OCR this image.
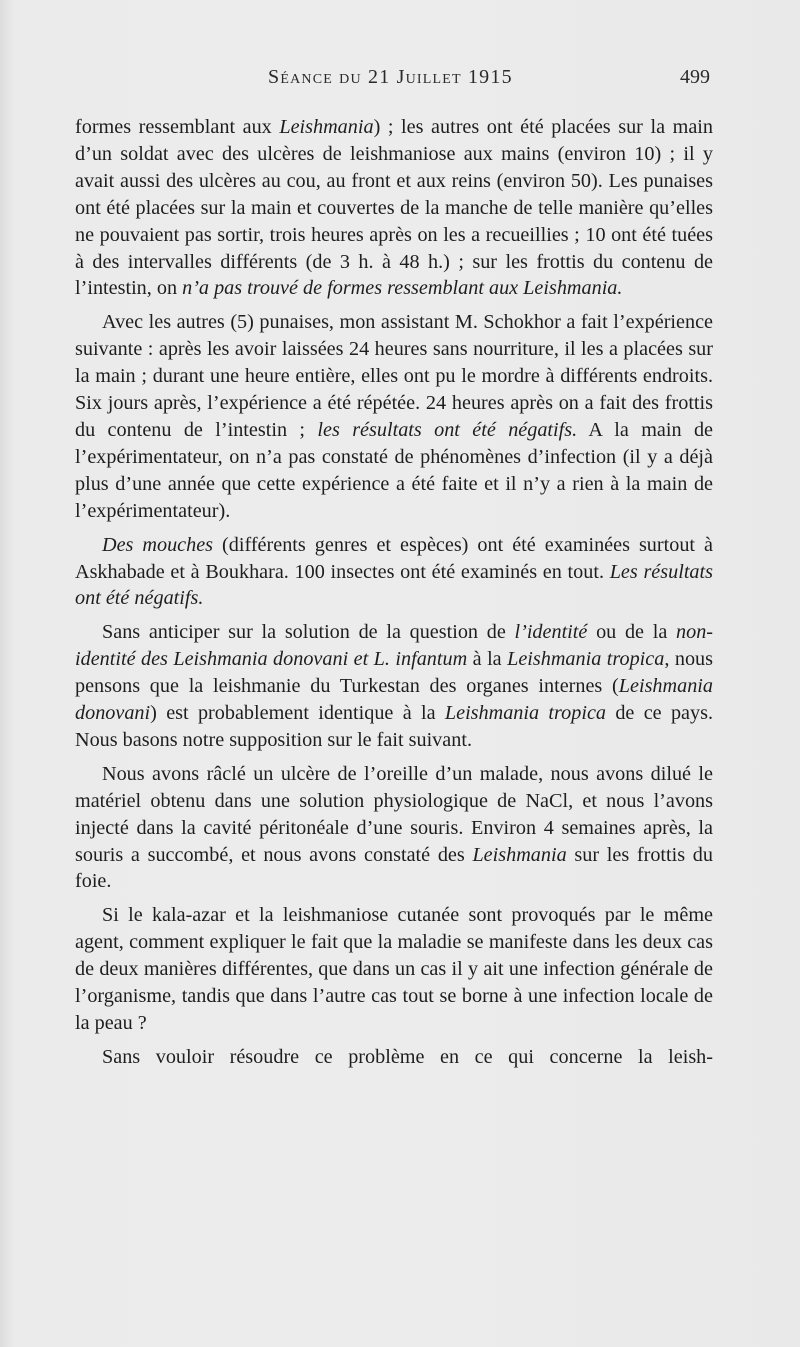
Séance du 21 Juillet 1915	499

formes ressemblant aux Leishmania) ; les autres ont été placées sur la main d’un soldat avec des ulcères de leishmaniose aux mains (environ 10) ; il y avait aussi des ulcères au cou, au front et aux reins (environ 50). Les punaises ont été placées sur la main et couvertes de la manche de telle manière qu’elles ne pouvaient pas sortir, trois heures après on les a recueillies ; 10 ont été tuées à des intervalles différents (de 3 h. à 48 h.) ; sur les frottis du contenu de l’intestin, on n’a pas trouvé de formes ressemblant aux Leishmania.

Avec les autres (5) punaises, mon assistant M. Schokhor a fait l’expérience suivante : après les avoir laissées 24 heures sans nourriture, il les a placées sur la main ; durant une heure entière, elles ont pu le mordre à différents endroits. Six jours après, l’expérience a été répétée. 24 heures après on a fait des frottis du contenu de l’intestin ; les résultats ont été négatifs. A la main de l’expérimentateur, on n’a pas constaté de phénomènes d’infection (il y a déjà plus d’une année que cette expérience a été faite et il n’y a rien à la main de l’expérimentateur).

Des mouches (différents genres et espèces) ont été examinées surtout à Askhabade et à Boukhara. 100 insectes ont été examinés en tout. Les résultats ont été négatifs.

Sans anticiper sur la solution de la question de l’identité ou de la non-identité des Leishmania donovani et L. infantum à la Leishmania tropica, nous pensons que la leishmanie du Turkestan des organes internes (Leishmania donovani) est probablement identique à la Leishmania tropica de ce pays. Nous basons notre supposition sur le fait suivant.

Nous avons râclé un ulcère de l’oreille d’un malade, nous avons dilué le matériel obtenu dans une solution physiologique de NaCl, et nous l’avons injecté dans la cavité péritonéale d’une souris. Environ 4 semaines après, la souris a succombé, et nous avons constaté des Leishmania sur les frottis du foie.

Si le kala-azar et la leishmaniose cutanée sont provoqués par le même agent, comment expliquer le fait que la maladie se manifeste dans les deux cas de deux manières différentes, que dans un cas il y ait une infection générale de l’organisme, tandis que dans l’autre cas tout se borne à une infection locale de la peau ?

Sans vouloir résoudre ce problème en ce qui concerne la leish-
